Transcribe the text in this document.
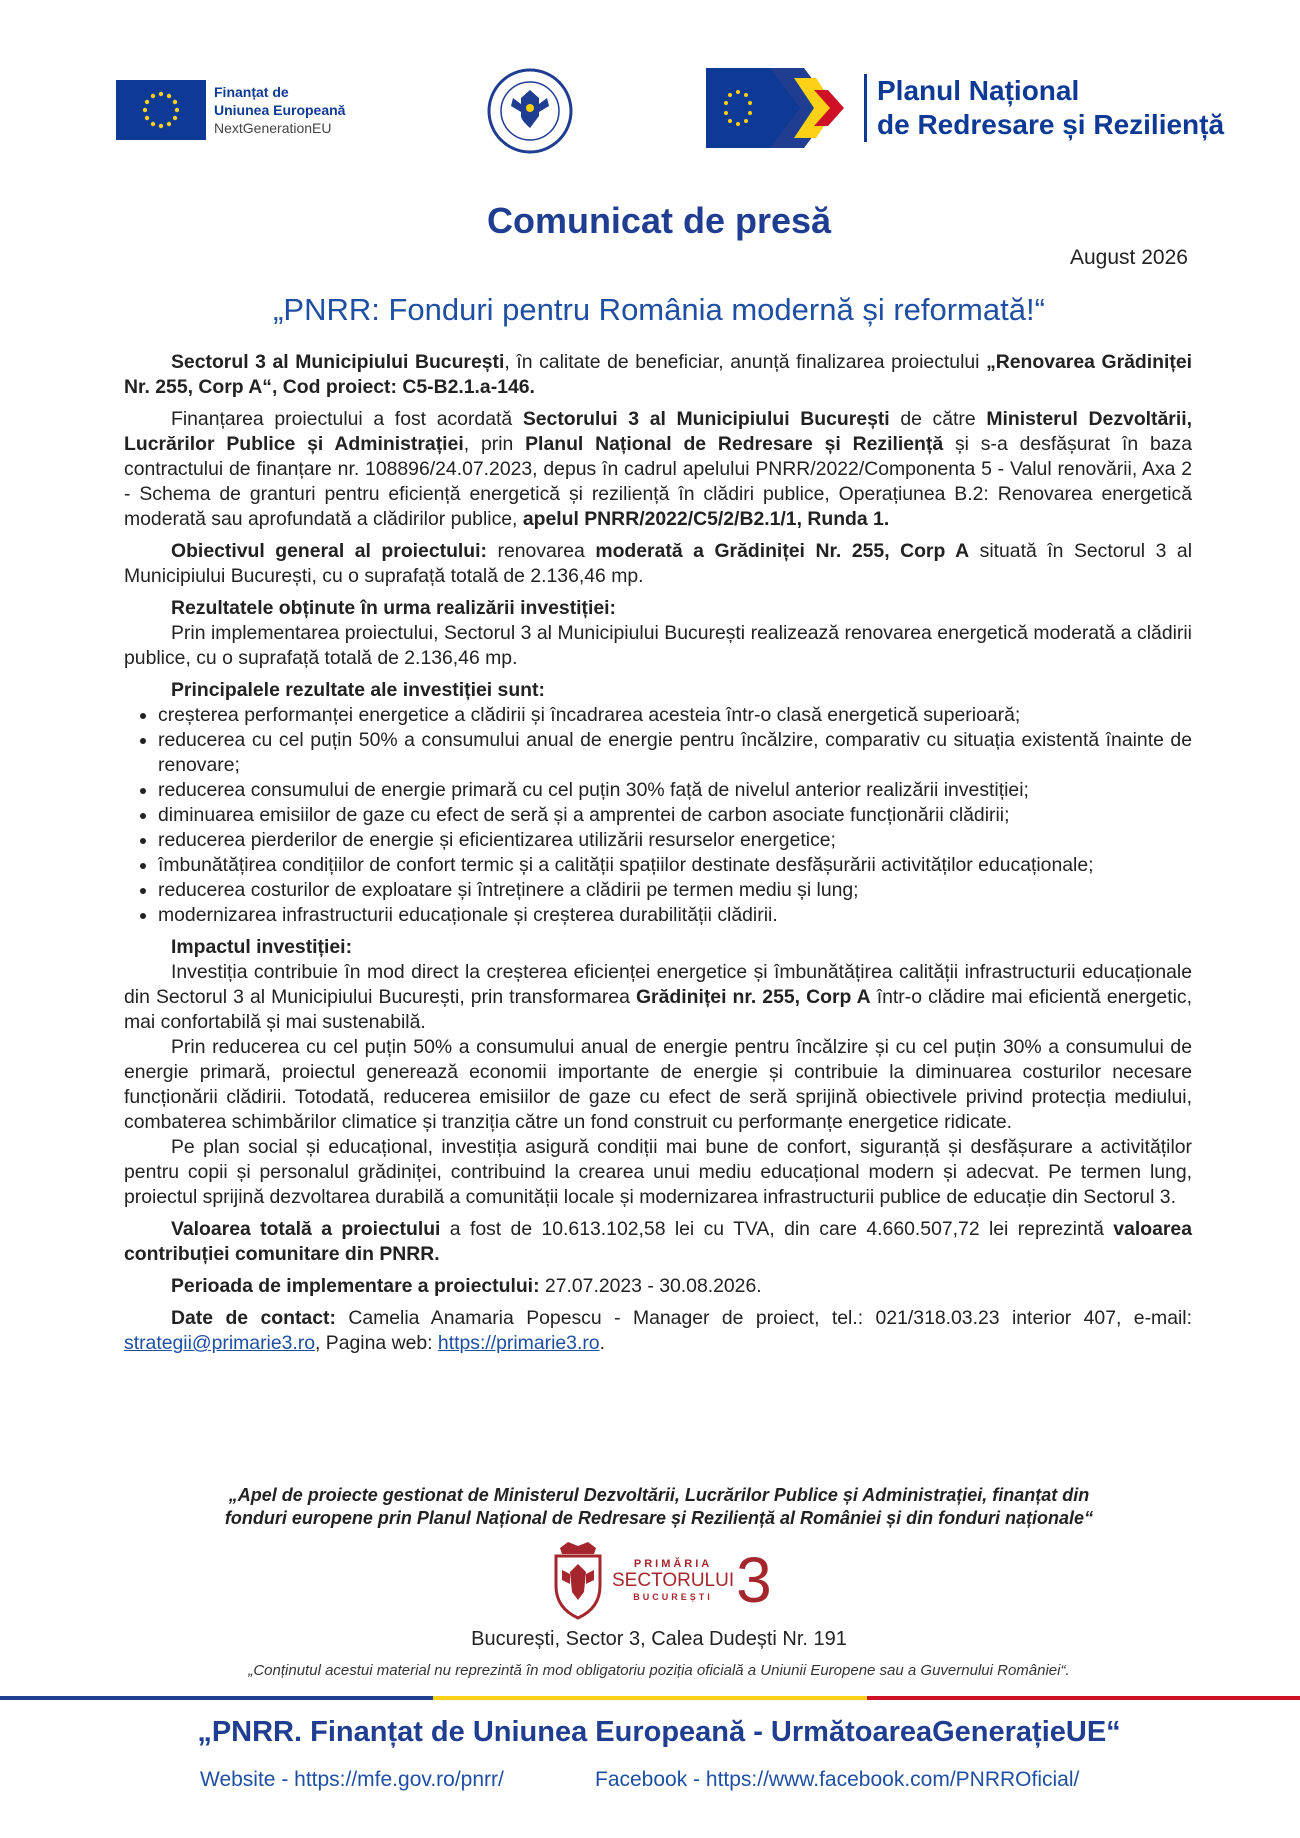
Finanțat de
Uniunea Europeană
NextGenerationEU
Planul Național
de Redresare și Reziliență
Comunicat de presă
August 2026
„PNRR: Fonduri pentru România modernă și reformată!“

Sectorul 3 al Municipiului București, în calitate de beneficiar, anunță finalizarea proiectului „Renovarea Grădiniței Nr. 255, Corp A“, Cod proiect: C5-B2.1.a-146.

Finanțarea proiectului a fost acordată Sectorului 3 al Municipiului București de către Ministerul Dezvoltării, Lucrărilor Publice și Administrației, prin Planul Național de Redresare și Reziliență și s-a desfășurat în baza contractului de finanțare nr. 108896/24.07.2023, depus în cadrul apelului PNRR/2022/Componenta 5 - Valul renovării, Axa 2 - Schema de granturi pentru eficiență energetică și reziliență în clădiri publice, Operațiunea B.2: Renovarea energetică moderată sau aprofundată a clădirilor publice, apelul PNRR/2022/C5/2/B2.1/1, Runda 1.

Obiectivul general al proiectului: renovarea moderată a Grădiniței Nr. 255, Corp A situată în Sectorul 3 al Municipiului București, cu o suprafață totală de 2.136,46 mp.

Rezultatele obținute în urma realizării investiției:

Prin implementarea proiectului, Sectorul 3 al Municipiului București realizează renovarea energetică moderată a clădirii publice, cu o suprafață totală de 2.136,46 mp.

Principalele rezultate ale investiției sunt:
• creșterea performanței energetice a clădirii și încadrarea acesteia într-o clasă energetică superioară;
• reducerea cu cel puțin 50% a consumului anual de energie pentru încălzire, comparativ cu situația existentă înainte de renovare;
• reducerea consumului de energie primară cu cel puțin 30% față de nivelul anterior realizării investiției;
• diminuarea emisiilor de gaze cu efect de seră și a amprentei de carbon asociate funcționării clădirii;
• reducerea pierderilor de energie și eficientizarea utilizării resurselor energetice;
• îmbunătățirea condițiilor de confort termic și a calității spațiilor destinate desfășurării activităților educaționale;
• reducerea costurilor de exploatare și întreținere a clădirii pe termen mediu și lung;
• modernizarea infrastructurii educaționale și creșterea durabilității clădirii.
Impactul investiției:

Investiția contribuie în mod direct la creșterea eficienței energetice și îmbunătățirea calității infrastructurii educaționale din Sectorul 3 al Municipiului București, prin transformarea Grădiniței nr. 255, Corp A într-o clădire mai eficientă energetic, mai confortabilă și mai sustenabilă.

Prin reducerea cu cel puțin 50% a consumului anual de energie pentru încălzire și cu cel puțin 30% a consumului de energie primară, proiectul generează economii importante de energie și contribuie la diminuarea costurilor necesare funcționării clădirii. Totodată, reducerea emisiilor de gaze cu efect de seră sprijină obiectivele privind protecția mediului, combaterea schimbărilor climatice și tranziția către un fond construit cu performanțe energetice ridicate.

Pe plan social și educațional, investiția asigură condiții mai bune de confort, siguranță și desfășurare a activităților pentru copii și personalul grădiniței, contribuind la crearea unui mediu educațional modern și adecvat. Pe termen lung, proiectul sprijină dezvoltarea durabilă a comunității locale și modernizarea infrastructurii publice de educație din Sectorul 3.

Valoarea totală a proiectului a fost de 10.613.102,58 lei cu TVA, din care 4.660.507,72 lei reprezintă valoarea contribuției comunitare din PNRR.

Perioada de implementare a proiectului: 27.07.2023 - 30.08.2026.

Date de contact: Camelia Anamaria Popescu - Manager de proiect, tel.: 021/318.03.23 interior 407, e-mail: strategii@primarie3.ro, Pagina web: https://primarie3.ro.

„Apel de proiecte gestionat de Ministerul Dezvoltării, Lucrărilor Publice și Administrației, finanțat din
fonduri europene prin Planul Național de Redresare și Reziliență al României și din fonduri naționale“
PRIMĂRIA
SECTORULUI
BUCUREȘTI 3
București, Sector 3, Calea Dudești Nr. 191
„Conținutul acestui material nu reprezintă în mod obligatoriu poziția oficială a Uniunii Europene sau a Guvernului României“.
„PNRR. Finanțat de Uniunea Europeană - UrmătoareaGenerațieUE“
Website - https://mfe.gov.ro/pnrr/	Facebook - https://www.facebook.com/PNRROficial/
